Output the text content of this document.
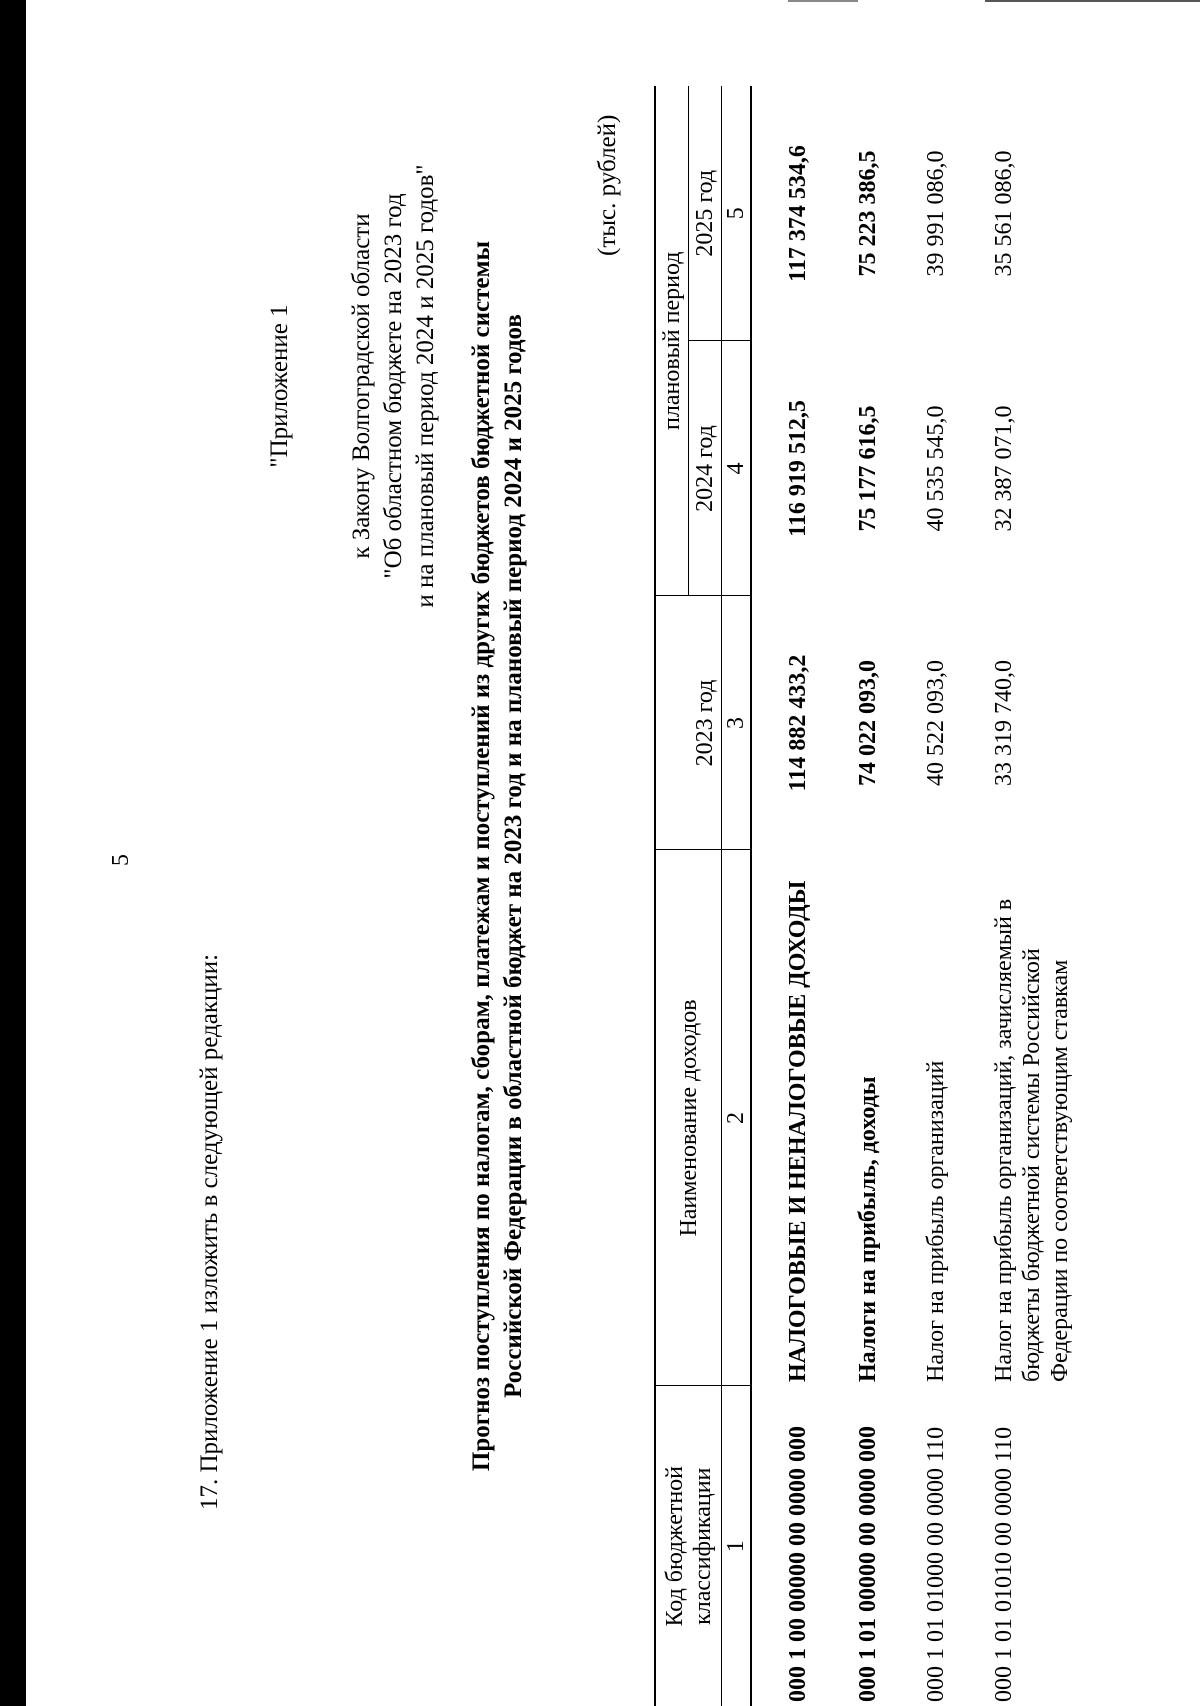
5
17. Приложение 1 изложить в следующей редакции:
"Приложение 1 к Закону Волгоградской области "Об областном бюджете на 2023 год и на плановый период 2024 и 2025 годов" Прогноз поступления по налогам, сборам, платежам и поступлений из других бюджетов бюджетной системы Российской Федерации в областной бюджет на 2023 год и на плановый период 2024 и 2025 годов
(тыс. рублей)
Код бюджетной классификации	Наименование доходов	2023 год	плановый период	
			2024 год	2025 год
1	2	3	4	5

000 1 00 00000 00 0000 000	НАЛОГОВЫЕ И НЕНАЛОГОВЫЕ ДОХОДЫ	114 882 433,2	116 919 512,5	117 374 534,6
000 1 01 00000 00 0000 000	Налоги на прибыль, доходы	74 022 093,0	75 177 616,5	75 223 386,5
000 1 01 01000 00 0000 110	Налог на прибыль организаций	40 522 093,0	40 535 545,0	39 991 086,0
000 1 01 01010 00 0000 110	Налог на прибыль организаций, зачисляемый в бюджеты бюджетной системы Российской Федерации по соответствующим ставкам	33 319 740,0	32 387 071,0	35 561 086,0
